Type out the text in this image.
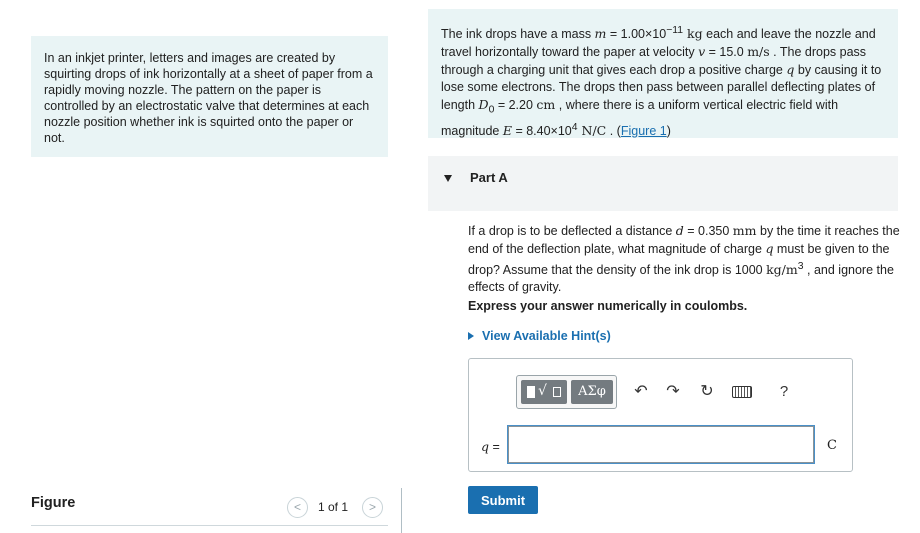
In an inkjet printer, letters and images are created by squirting drops of ink horizontally at a sheet of paper from a rapidly moving nozzle. The pattern on the paper is controlled by an electrostatic valve that determines at each nozzle position whether ink is squirted onto the paper or not.
Figure	<	1 of 1	>
The ink drops have a mass $m = 1.00\times 10^{-11}$ kg each and leave the nozzle and travel horizontally toward the paper at velocity v = 15.0 m/s . The drops pass through a charging unit that gives each drop a positive charge q by causing it to lose some electrons. The drops then pass between parallel deflecting plates of length $D_0 = 2.20$ cm , where there is a uniform vertical electric field with magnitude $E = 8.40\times 10^4$ N/C . (Figure 1)
Part A
If a drop is to be deflected a distance d = 0.350 mm by the time it reaches the end of the deflection plate, what magnitude of charge q must be given to the drop? Assume that the density of the ink drop is 1000 $kg/m^3$ , and ignore the effects of gravity.
Express your answer numerically in coulombs.
View Available Hint(s)
√	ΑΣφ	↶	↷	↻	?
q =	C
Submit
